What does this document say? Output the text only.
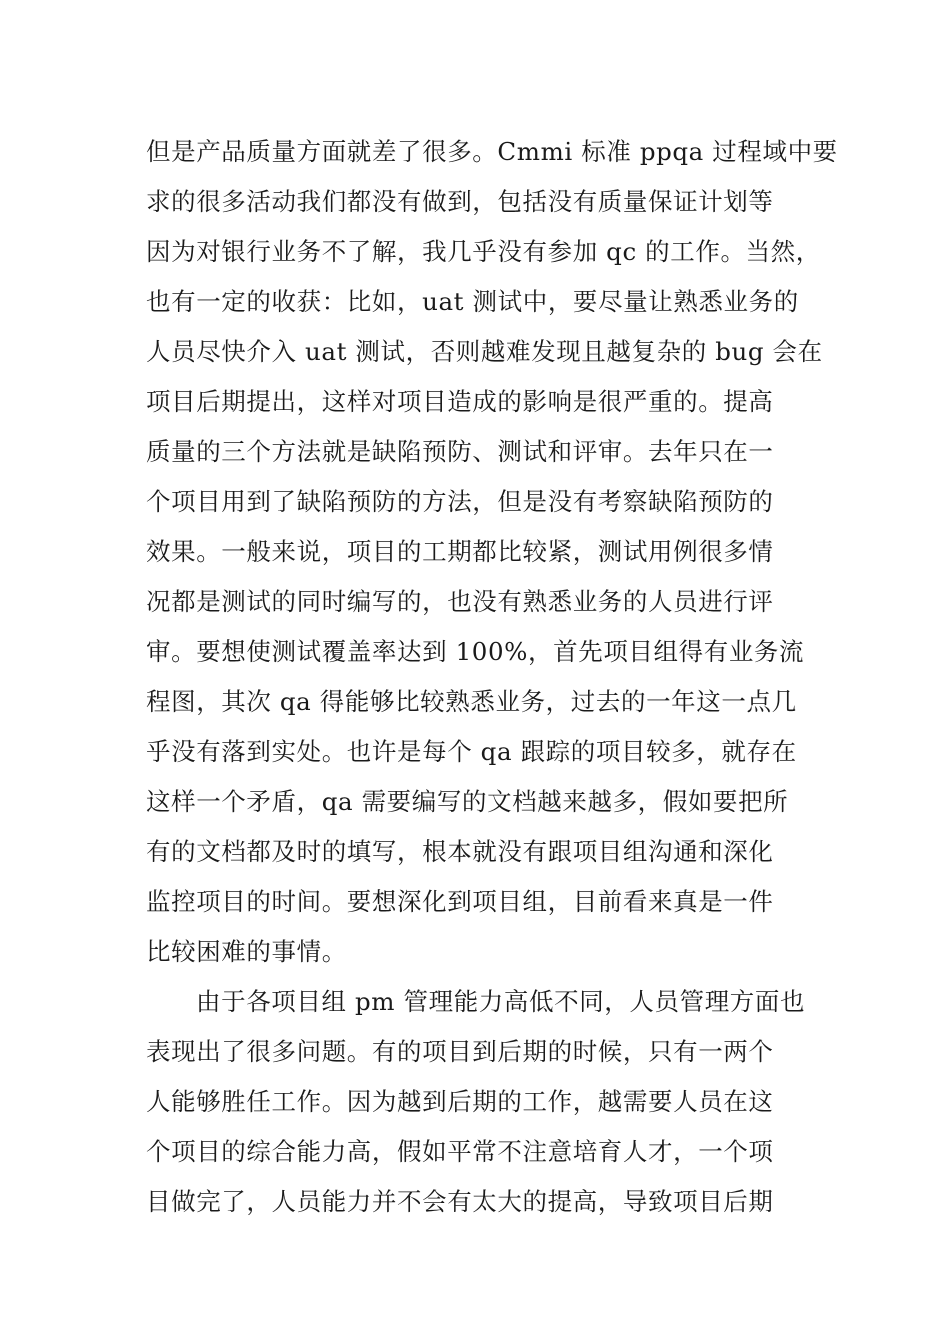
但是产品质量方面就差了很多。Cmmi 标准 ppqa 过程域中要
求的很多活动我们都没有做到，包括没有质量保证计划等
因为对银行业务不了解，我几乎没有参加 qc 的工作。当然，
也有一定的收获：比如，uat 测试中，要尽量让熟悉业务的
人员尽快介入 uat 测试，否则越难发现且越复杂的 bug 会在
项目后期提出，这样对项目造成的影响是很严重的。提高
质量的三个方法就是缺陷预防、测试和评审。去年只在一
个项目用到了缺陷预防的方法，但是没有考察缺陷预防的
效果。一般来说，项目的工期都比较紧，测试用例很多情
况都是测试的同时编写的，也没有熟悉业务的人员进行评
审。要想使测试覆盖率达到 100%，首先项目组得有业务流
程图，其次 qa 得能够比较熟悉业务，过去的一年这一点几
乎没有落到实处。也许是每个 qa 跟踪的项目较多，就存在
这样一个矛盾，qa 需要编写的文档越来越多，假如要把所
有的文档都及时的填写，根本就没有跟项目组沟通和深化
监控项目的时间。要想深化到项目组，目前看来真是一件
比较困难的事情。
由于各项目组 pm 管理能力高低不同，人员管理方面也
表现出了很多问题。有的项目到后期的时候，只有一两个
人能够胜任工作。因为越到后期的工作，越需要人员在这
个项目的综合能力高，假如平常不注意培育人才，一个项
目做完了，人员能力并不会有太大的提高，导致项目后期
